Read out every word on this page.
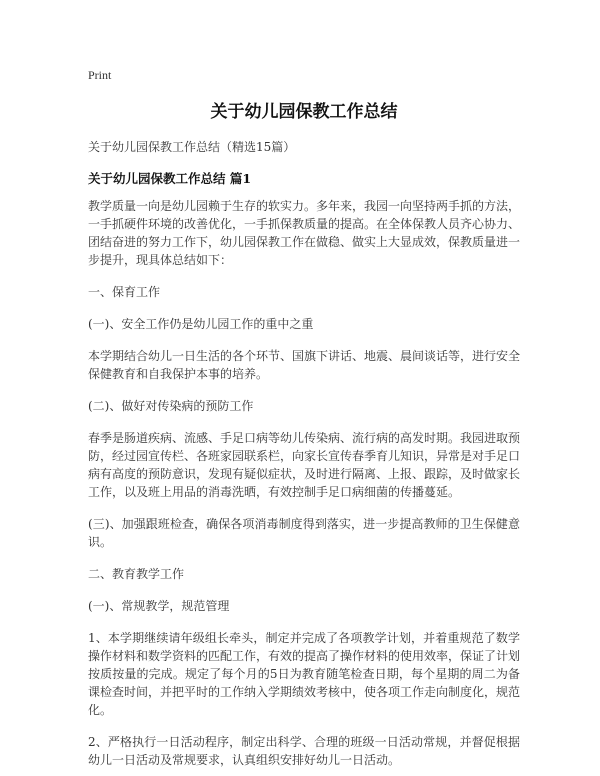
Print
关于幼儿园保教工作总结
关于幼儿园保教工作总结（精选15篇）
关于幼儿园保教工作总结 篇1

教学质量一向是幼儿园赖于生存的软实力。多年来，我园一向坚持两手抓的方法，一手抓硬件环境的改善优化，一手抓保教质量的提高。在全体保教人员齐心协力、团结奋进的努力工作下，幼儿园保教工作在做稳、做实上大显成效，保教质量进一步提升，现具体总结如下：

一、保育工作

(一)、安全工作仍是幼儿园工作的重中之重

本学期结合幼儿一日生活的各个环节、国旗下讲话、地震、晨间谈话等，进行安全保健教育和自我保护本事的培养。

(二)、做好对传染病的预防工作

春季是肠道疾病、流感、手足口病等幼儿传染病、流行病的高发时期。我园进取预防，经过园宣传栏、各班家园联系栏，向家长宣传春季育儿知识，异常是对手足口病有高度的预防意识，发现有疑似症状，及时进行隔离、上报、跟踪，及时做家长工作，以及班上用品的消毒洗晒，有效控制手足口病细菌的传播蔓延。

(三)、加强跟班检查，确保各项消毒制度得到落实，进一步提高教师的卫生保健意识。

二、教育教学工作

(一)、常规教学，规范管理

1、本学期继续请年级组长牵头，制定并完成了各项教学计划，并着重规范了数学操作材料和数学资料的匹配工作，有效的提高了操作材料的使用效率，保证了计划按质按量的完成。规定了每个月的5日为教育随笔检查日期，每个星期的周二为备课检查时间，并把平时的工作纳入学期绩效考核中，使各项工作走向制度化，规范化。

2、严格执行一日活动程序，制定出科学、合理的班级一日活动常规，并督促根据幼儿一日活动及常规要求，认真组织安排好幼儿一日活动。
